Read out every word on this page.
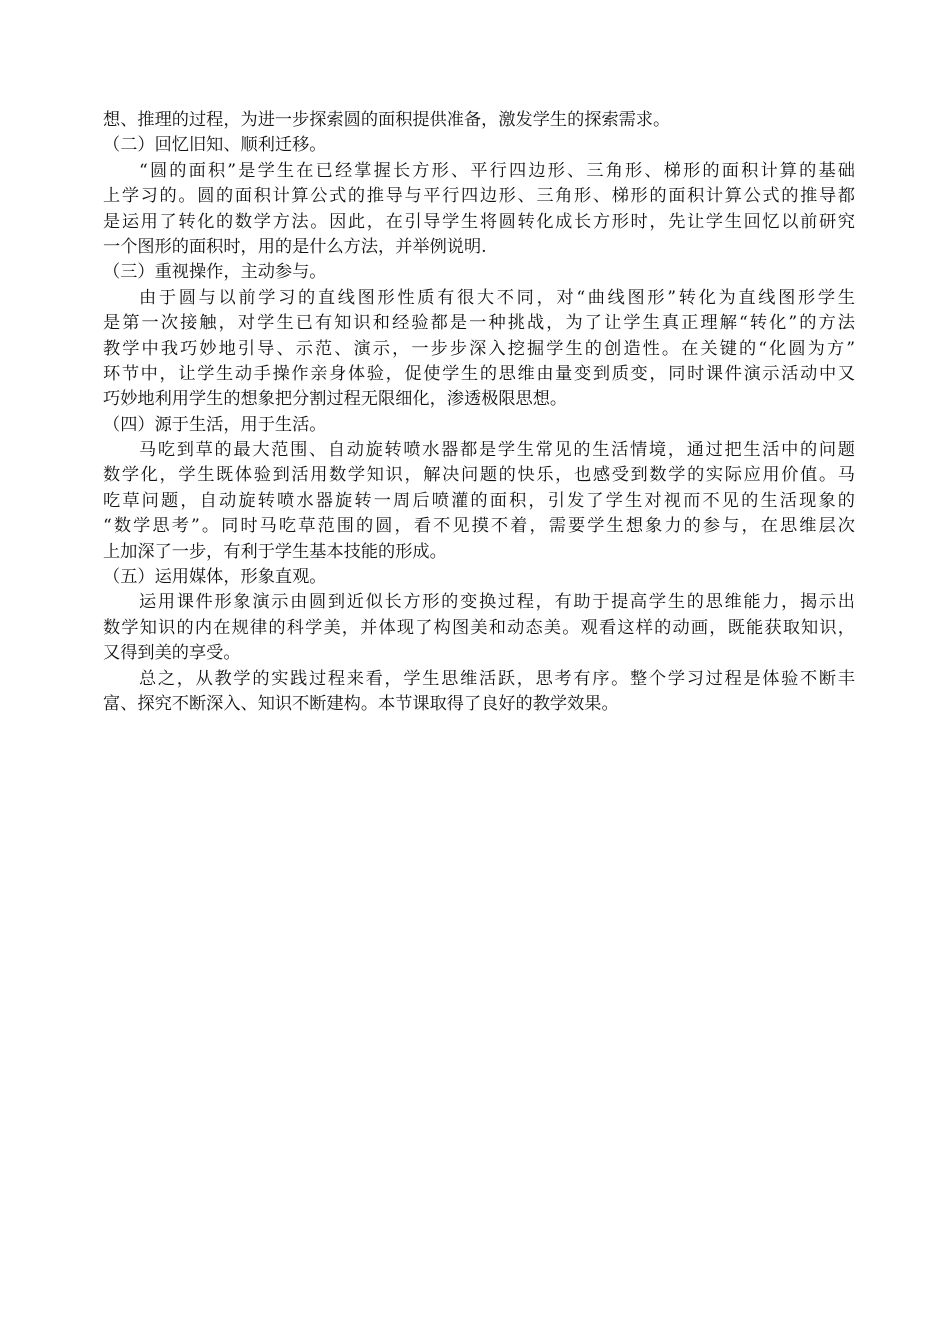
想、推理的过程，为进一步探索圆的面积提供准备，激发学生的探索需求。
（二）回忆旧知、顺利迁移。
“圆的面积”是学生在已经掌握长方形、平行四边形、三角形、梯形的面积计算的基础
上学习的。圆的面积计算公式的推导与平行四边形、三角形、梯形的面积计算公式的推导都
是运用了转化的数学方法。因此，在引导学生将圆转化成长方形时，先让学生回忆以前研究
一个图形的面积时，用的是什么方法，并举例说明.
（三）重视操作，主动参与。
由于圆与以前学习的直线图形性质有很大不同，对“曲线图形”转化为直线图形学生
是第一次接触，对学生已有知识和经验都是一种挑战，为了让学生真正理解“转化”的方法
教学中我巧妙地引导、示范、演示，一步步深入挖掘学生的创造性。在关键的“化圆为方”
环节中，让学生动手操作亲身体验，促使学生的思维由量变到质变，同时课件演示活动中又
巧妙地利用学生的想象把分割过程无限细化，渗透极限思想。
（四）源于生活，用于生活。
马吃到草的最大范围、自动旋转喷水器都是学生常见的生活情境，通过把生活中的问题
数学化，学生既体验到活用数学知识，解决问题的快乐，也感受到数学的实际应用价值。马
吃草问题，自动旋转喷水器旋转一周后喷灌的面积，引发了学生对视而不见的生活现象的
“数学思考”。同时马吃草范围的圆，看不见摸不着，需要学生想象力的参与，在思维层次
上加深了一步，有利于学生基本技能的形成。
（五）运用媒体，形象直观。
运用课件形象演示由圆到近似长方形的变换过程，有助于提高学生的思维能力，揭示出
数学知识的内在规律的科学美，并体现了构图美和动态美。观看这样的动画，既能获取知识，
又得到美的享受。
总之，从教学的实践过程来看，学生思维活跃，思考有序。整个学习过程是体验不断丰
富、探究不断深入、知识不断建构。本节课取得了良好的教学效果。
